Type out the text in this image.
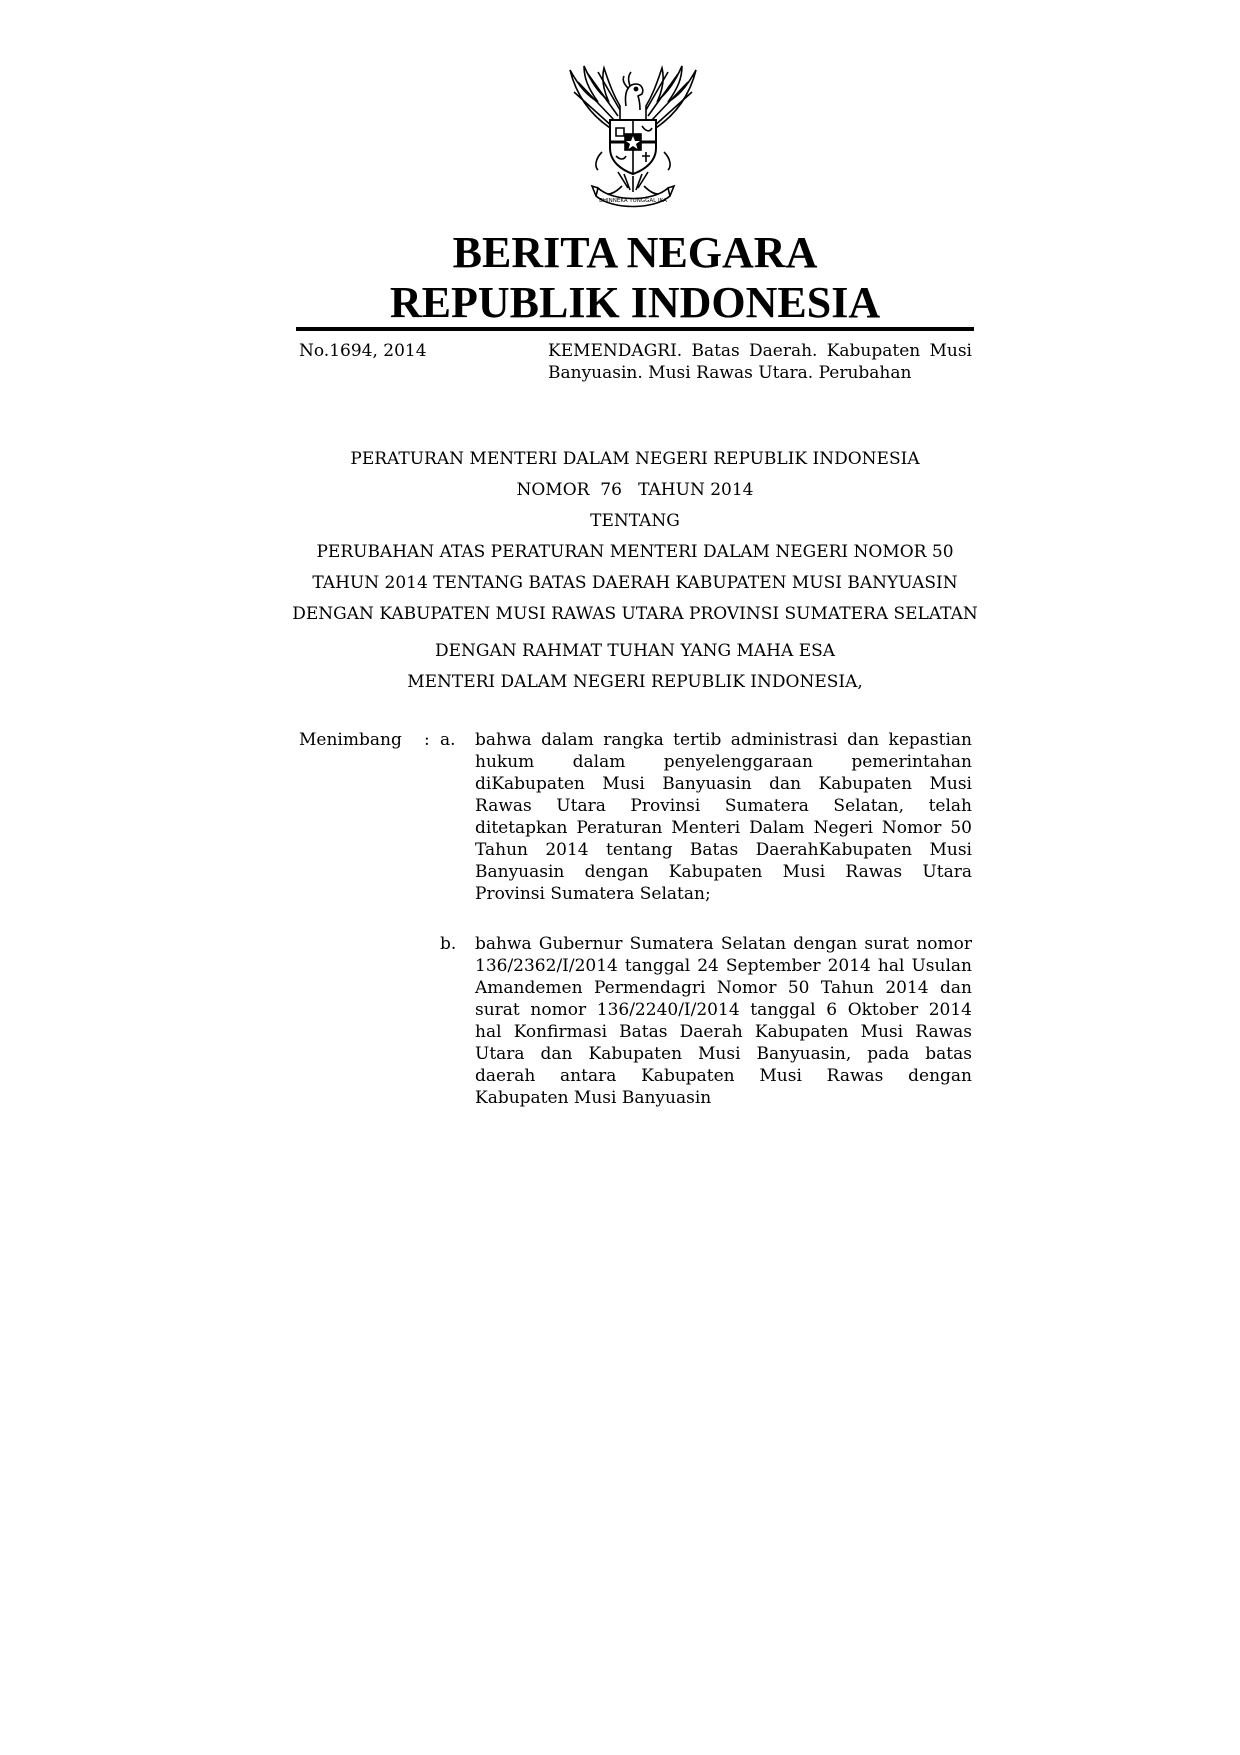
BHINNEKA TUNGGAL IKA
BERITA NEGARA
REPUBLIK INDONESIA
No.1694, 2014	KEMENDAGRI. Batas Daerah. Kabupaten Musi Banyuasin. Musi Rawas Utara. Perubahan
PERATURAN MENTERI DALAM NEGERI REPUBLIK INDONESIA
NOMOR  76   TAHUN 2014
TENTANG
PERUBAHAN ATAS PERATURAN MENTERI DALAM NEGERI NOMOR 50
TAHUN 2014 TENTANG BATAS DAERAH KABUPATEN MUSI BANYUASIN
DENGAN KABUPATEN MUSI RAWAS UTARA PROVINSI SUMATERA SELATAN
DENGAN RAHMAT TUHAN YANG MAHA ESA
MENTERI DALAM NEGERI REPUBLIK INDONESIA,
Menimbang : a. bahwa dalam rangka tertib administrasi dan kepastian hukum dalam penyelenggaraan pemerintahan diKabupaten Musi Banyuasin dan Kabupaten Musi Rawas Utara Provinsi Sumatera Selatan, telah ditetapkan Peraturan Menteri Dalam Negeri Nomor 50 Tahun 2014 tentang Batas DaerahKabupaten Musi Banyuasin dengan Kabupaten Musi Rawas Utara Provinsi Sumatera Selatan;
b. bahwa Gubernur Sumatera Selatan dengan surat nomor 136/2362/I/2014 tanggal 24 September 2014 hal Usulan Amandemen Permendagri Nomor 50 Tahun 2014 dan surat nomor 136/2240/I/2014 tanggal 6 Oktober 2014 hal Konfirmasi Batas Daerah Kabupaten Musi Rawas Utara dan Kabupaten Musi Banyuasin, pada batas daerah antara Kabupaten Musi Rawas dengan Kabupaten Musi Banyuasin
